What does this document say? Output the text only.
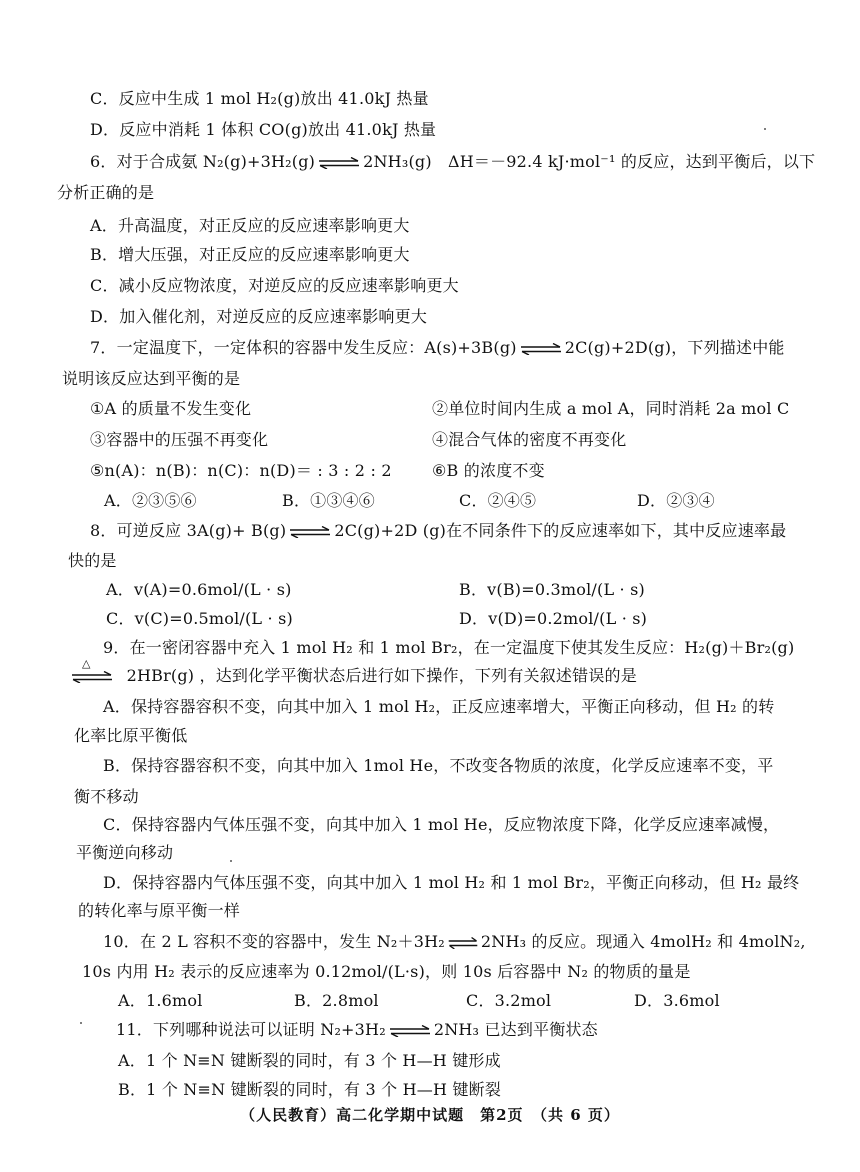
C．反应中生成 1 mol H₂(g)放出 41.0kJ 热量
D．反应中消耗 1 体积 CO(g)放出 41.0kJ 热量
6．对于合成氨 N₂(g)+3H₂(g) ⇌ 2NH₃(g)　ΔH＝－92.4 kJ·mol⁻¹ 的反应，达到平衡后，以下
分析正确的是
A．升高温度，对正反应的反应速率影响更大
B．增大压强，对正反应的反应速率影响更大
C．减小反应物浓度，对逆反应的反应速率影响更大
D．加入催化剂，对逆反应的反应速率影响更大
7．一定温度下，一定体积的容器中发生反应：A(s)+3B(g) ⇌ 2C(g)+2D(g)，下列描述中能
说明该反应达到平衡的是
①A 的质量不发生变化	②单位时间内生成 a mol A，同时消耗 2a mol C
③容器中的压强不再变化	④混合气体的密度不再变化
⑤n(A)：n(B)：n(C)：n(D)＝ : 3 : 2 : 2	⑥B 的浓度不变
A．②③⑤⑥	B．①③④⑥	C．②④⑤	D．②③④
8．可逆反应 3A(g)+ B(g) ⇌ 2C(g)+2D (g)在不同条件下的反应速率如下，其中反应速率最
快的是
A．v(A)=0.6mol/(L · s)	B．v(B)=0.3mol/(L · s)
C．v(C)=0.5mol/(L · s)	D．v(D)=0.2mol/(L · s)
9．在一密闭容器中充入 1 mol H₂ 和 1 mol Br₂，在一定温度下使其发生反应：H₂(g)＋Br₂(g)
△
⇌ 2HBr(g) ，达到化学平衡状态后进行如下操作，下列有关叙述错误的是
A．保持容器容积不变，向其中加入 1 mol H₂，正反应速率增大，平衡正向移动，但 H₂ 的转
化率比原平衡低
B．保持容器容积不变，向其中加入 1mol He，不改变各物质的浓度，化学反应速率不变，平
衡不移动
C．保持容器内气体压强不变，向其中加入 1 mol He，反应物浓度下降，化学反应速率减慢，
平衡逆向移动
D．保持容器内气体压强不变，向其中加入 1 mol H₂ 和 1 mol Br₂，平衡正向移动，但 H₂ 最终
的转化率与原平衡一样
10．在 2 L 容积不变的容器中，发生 N₂＋3H₂ ⇌ 2NH₃ 的反应。现通入 4molH₂ 和 4molN₂,
10s 内用 H₂ 表示的反应速率为 0.12mol/(L·s)，则 10s 后容器中 N₂ 的物质的量是
A．1.6mol	B．2.8mol	C．3.2mol	D．3.6mol
11．下列哪种说法可以证明 N₂+3H₂ ⇌ 2NH₃ 已达到平衡状态
A．1 个 N≡N 键断裂的同时，有 3 个 H—H 键形成
B．1 个 N≡N 键断裂的同时，有 3 个 H—H 键断裂
（人民教育）高二化学期中试题　第2页　（共 6 页）
